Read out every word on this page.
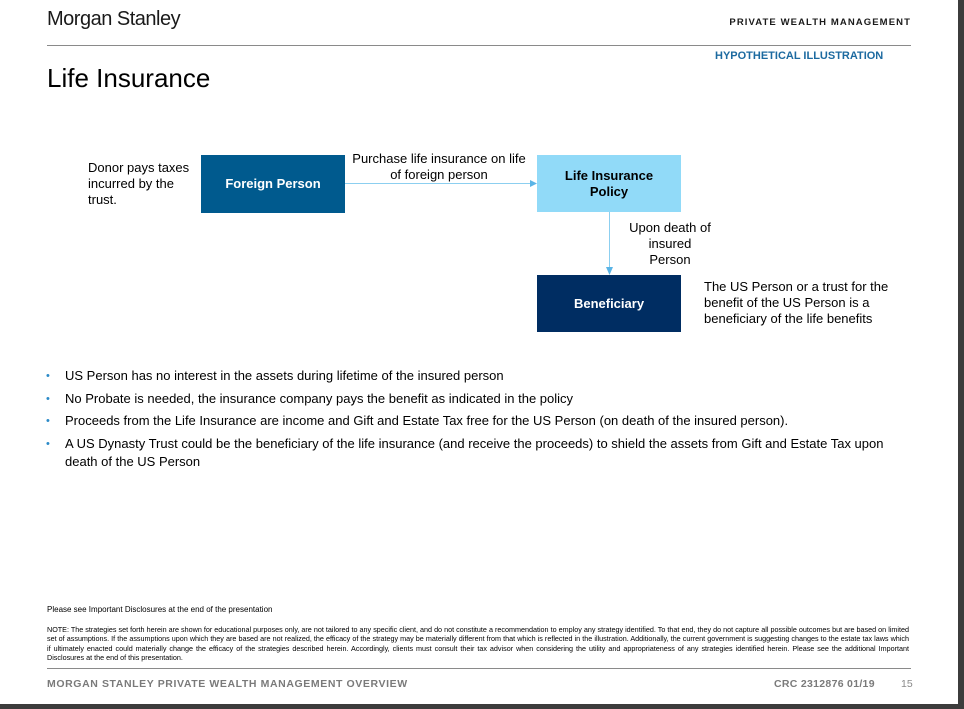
Morgan Stanley	PRIVATE WEALTH MANAGEMENT
HYPOTHETICAL ILLUSTRATION
Life Insurance
Donor pays taxes incurred by the trust.
Foreign Person
Purchase life insurance on life of foreign person	Life Insurance
Policy
Upon death of
insured
Person
Beneficiary
The US Person or a trust for the benefit of the US Person is a beneficiary of the life benefits
• US Person has no interest in the assets during lifetime of the insured person
• No Probate is needed, the insurance company pays the benefit as indicated in the policy
• Proceeds from the Life Insurance are income and Gift and Estate Tax free for the US Person (on death of the insured person).
• A US Dynasty Trust could be the beneficiary of the life insurance (and receive the proceeds) to shield the assets from Gift and Estate Tax upon death of the US Person
Please see Important Disclosures at the end of the presentation
NOTE: The strategies set forth herein are shown for educational purposes only, are not tailored to any specific client, and do not constitute a recommendation to employ any strategy identified. To that end, they do not capture all possible outcomes but are based on limited set of assumptions. If the assumptions upon which they are based are not realized, the efficacy of the strategy may be materially different from that which is reflected in the illustration. Additionally, the current government is suggesting changes to the estate tax laws which if ultimately enacted could materially change the efficacy of the strategies described herein. Accordingly, clients must consult their tax advisor when considering the utility and appropriateness of any strategies identified herein. Please see the additional Important Disclosures at the end of this presentation.
MORGAN STANLEY PRIVATE WEALTH MANAGEMENT OVERVIEW	CRC 2312876 01/19 15
